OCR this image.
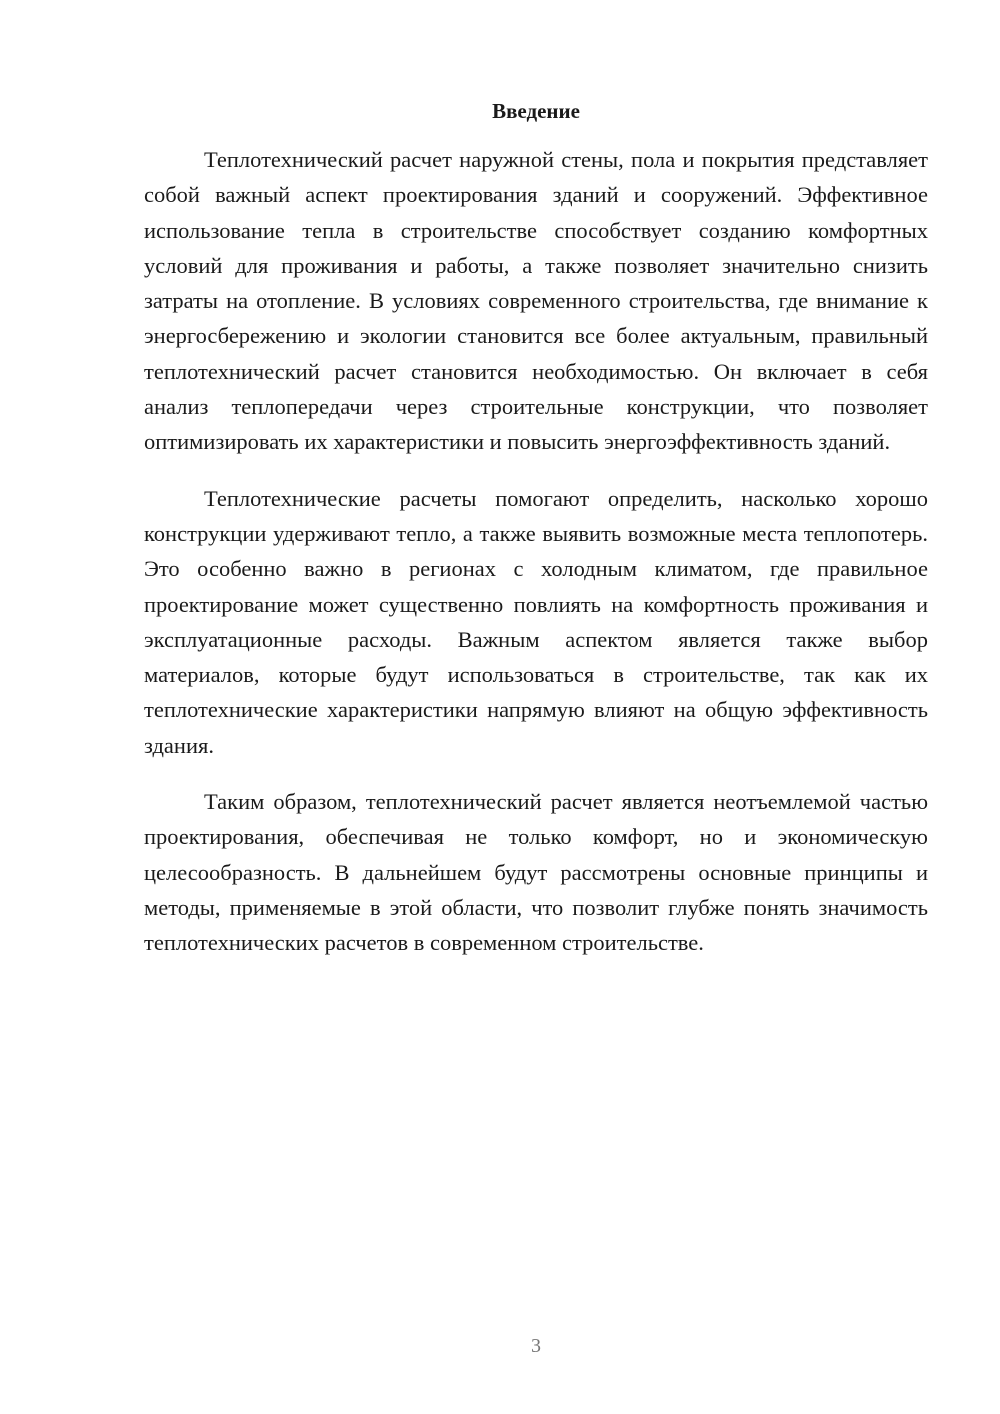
Введение

Теплотехнический расчет наружной стены, пола и покрытия представляет собой важный аспект проектирования зданий и сооружений. Эффективное использование тепла в строительстве способствует созданию комфортных условий для проживания и работы, а также позволяет значительно снизить затраты на отопление. В условиях современного строительства, где внимание к энергосбережению и экологии становится все более актуальным, правильный теплотехнический расчет становится необходимостью. Он включает в себя анализ теплопередачи через строительные конструкции, что позволяет оптимизировать их характеристики и повысить энергоэффективность зданий.

Теплотехнические расчеты помогают определить, насколько хорошо конструкции удерживают тепло, а также выявить возможные места теплопотерь. Это особенно важно в регионах с холодным климатом, где правильное проектирование может существенно повлиять на комфортность проживания и эксплуатационные расходы. Важным аспектом является также выбор материалов, которые будут использоваться в строительстве, так как их теплотехнические характеристики напрямую влияют на общую эффективность здания.

Таким образом, теплотехнический расчет является неотъемлемой частью проектирования, обеспечивая не только комфорт, но и экономическую целесообразность. В дальнейшем будут рассмотрены основные принципы и методы, применяемые в этой области, что позволит глубже понять значимость теплотехнических расчетов в современном строительстве.

3
